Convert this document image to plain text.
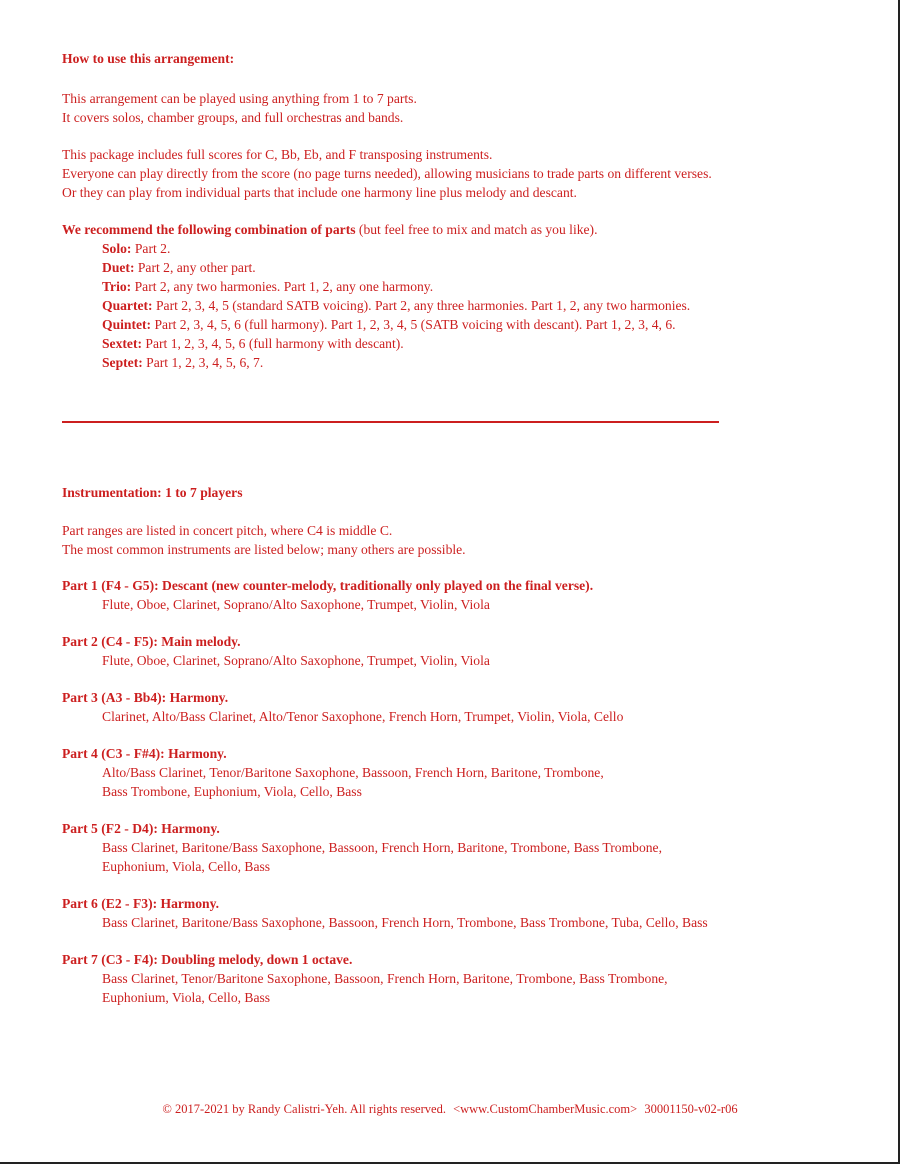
How to use this arrangement:
This arrangement can be played using anything from 1 to 7 parts.
It covers solos, chamber groups, and full orchestras and bands.
This package includes full scores for C, Bb, Eb, and F transposing instruments.
Everyone can play directly from the score (no page turns needed), allowing musicians to trade parts on different verses.
Or they can play from individual parts that include one harmony line plus melody and descant.
We recommend the following combination of parts (but feel free to mix and match as you like).
Solo: Part 2.
Duet: Part 2, any other part.
Trio: Part 2, any two harmonies. Part 1, 2, any one harmony.
Quartet: Part 2, 3, 4, 5 (standard SATB voicing). Part 2, any three harmonies. Part 1, 2, any two harmonies.
Quintet: Part 2, 3, 4, 5, 6 (full harmony). Part 1, 2, 3, 4, 5 (SATB voicing with descant). Part 1, 2, 3, 4, 6.
Sextet: Part 1, 2, 3, 4, 5, 6 (full harmony with descant).
Septet: Part 1, 2, 3, 4, 5, 6, 7.
Instrumentation: 1 to 7 players
Part ranges are listed in concert pitch, where C4 is middle C.
The most common instruments are listed below; many others are possible.
Part 1 (F4 - G5): Descant (new counter-melody, traditionally only played on the final verse).
Flute, Oboe, Clarinet, Soprano/Alto Saxophone, Trumpet, Violin, Viola
Part 2 (C4 - F5): Main melody.
Flute, Oboe, Clarinet, Soprano/Alto Saxophone, Trumpet, Violin, Viola
Part 3 (A3 - Bb4): Harmony.
Clarinet, Alto/Bass Clarinet, Alto/Tenor Saxophone, French Horn, Trumpet, Violin, Viola, Cello
Part 4 (C3 - F#4): Harmony.
Alto/Bass Clarinet, Tenor/Baritone Saxophone, Bassoon, French Horn, Baritone, Trombone,
Bass Trombone, Euphonium, Viola, Cello, Bass
Part 5 (F2 - D4): Harmony.
Bass Clarinet, Baritone/Bass Saxophone, Bassoon, French Horn, Baritone, Trombone, Bass Trombone,
Euphonium, Viola, Cello, Bass
Part 6 (E2 - F3): Harmony.
Bass Clarinet, Baritone/Bass Saxophone, Bassoon, French Horn, Trombone, Bass Trombone, Tuba, Cello, Bass
Part 7 (C3 - F4): Doubling melody, down 1 octave.
Bass Clarinet, Tenor/Baritone Saxophone, Bassoon, French Horn, Baritone, Trombone, Bass Trombone,
Euphonium, Viola, Cello, Bass
© 2017-2021 by Randy Calistri-Yeh. All rights reserved. <www.CustomChamberMusic.com> 30001150-v02-r06
